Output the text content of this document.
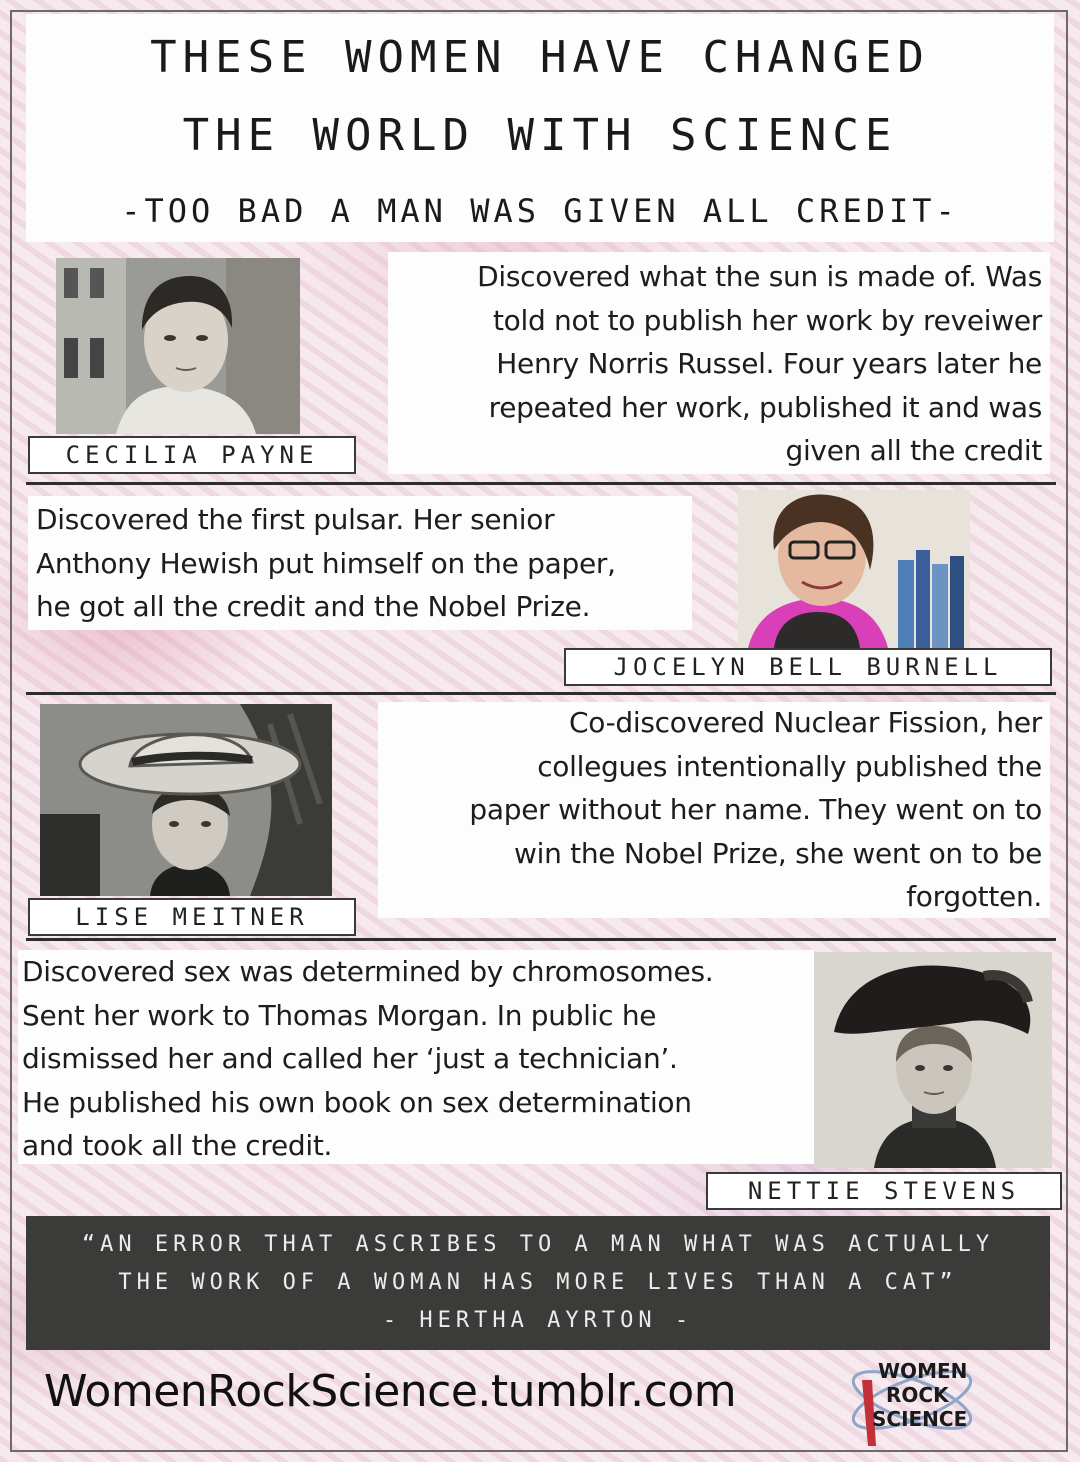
THESE WOMEN HAVE CHANGED
THE WORLD WITH SCIENCE
-TOO BAD A MAN WAS GIVEN ALL CREDIT-
CECILIA PAYNE
Discovered what the sun is made of. Was
told not to publish her work by reveiwer
Henry Norris Russel. Four years later he
repeated her work, published it and was
given all the credit
Discovered the first pulsar. Her senior
Anthony Hewish put himself on the paper,
he got all the credit and the Nobel Prize.
JOCELYN BELL BURNELL
LISE MEITNER
Co-discovered Nuclear Fission, her
collegues intentionally published the
paper without her name. They went on to
win the Nobel Prize, she went on to be
forgotten.
Discovered sex was determined by chromosomes.
Sent her work to Thomas Morgan. In public he
dismissed her and called her ‘just a technician’.
He published his own book on sex determination
and took all the credit.
NETTIE STEVENS
“AN ERROR THAT ASCRIBES TO A MAN WHAT WAS ACTUALLY
THE WORK OF A WOMAN HAS MORE LIVES THAN A CAT”
- HERTHA AYRTON -
WomenRockScience.tumblr.com	WOMEN
ROCK
SCIENCE
